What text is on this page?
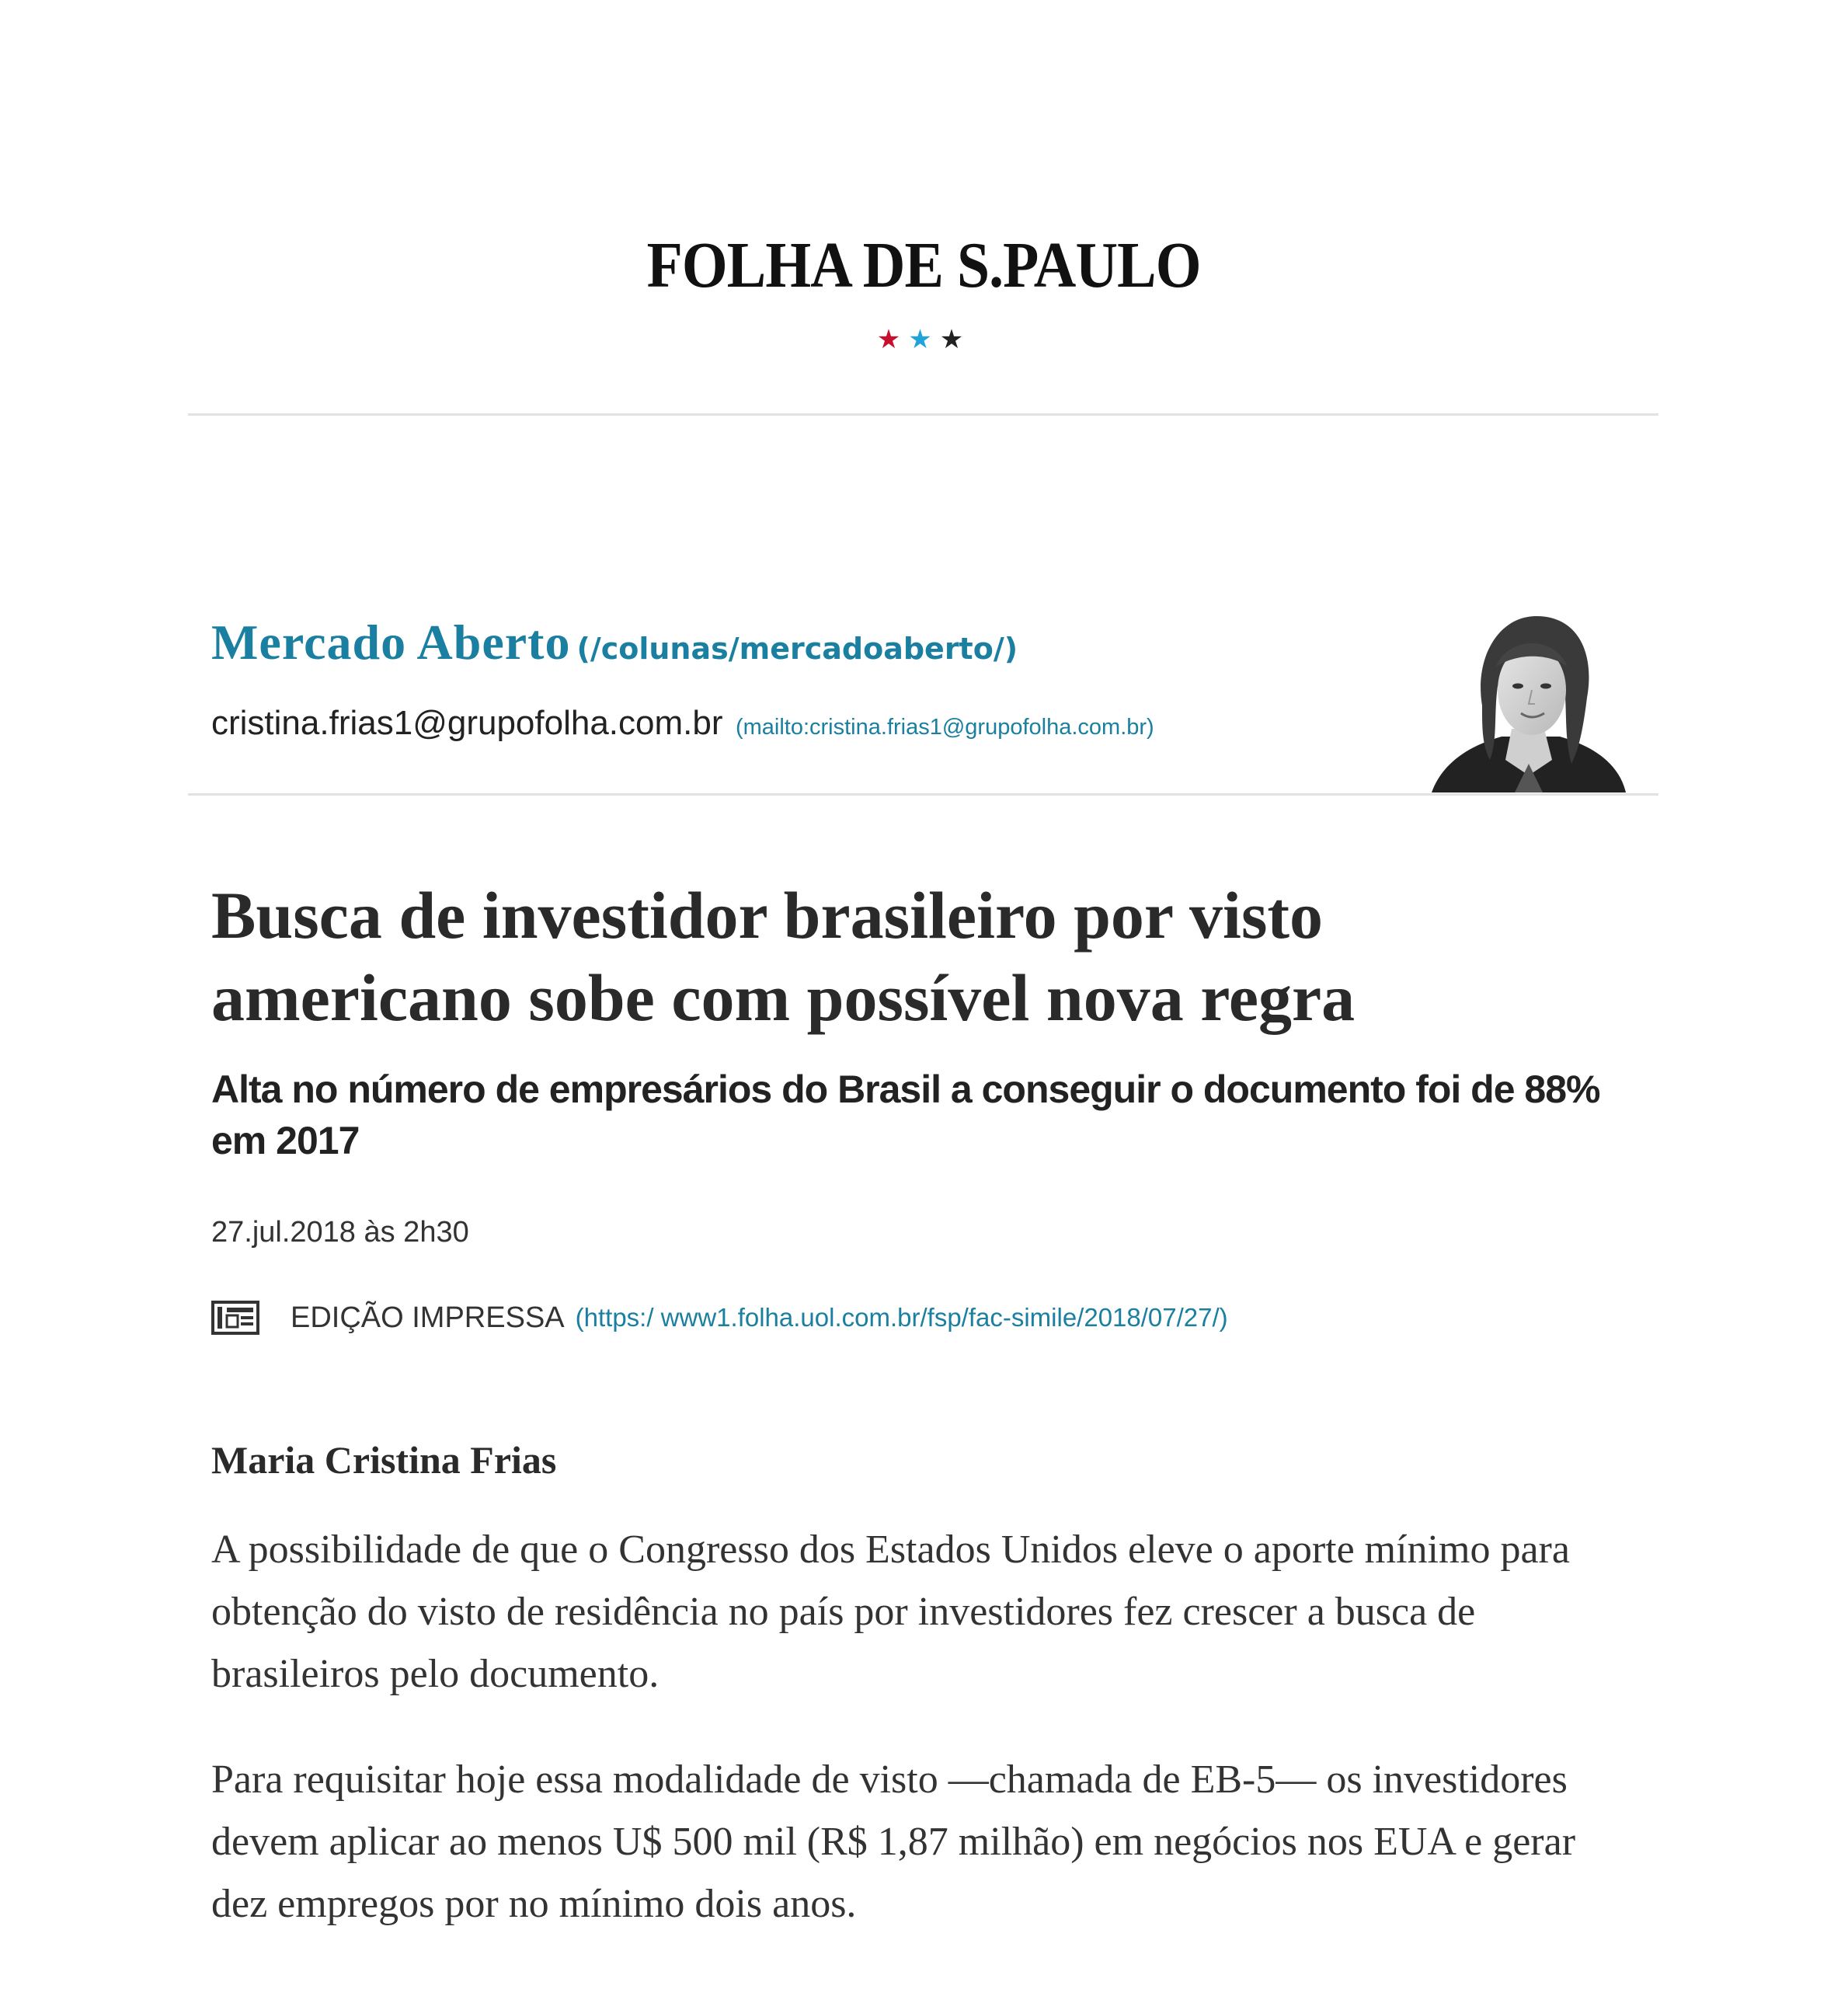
FOLHA DE S.PAULO
★★★
Mercado Aberto (/colunas/mercadoaberto/)
cristina.frias1@grupofolha.com.br (mailto:cristina.frias1@grupofolha.com.br)
Busca de investidor brasileiro por visto americano sobe com possível nova regra
Alta no número de empresários do Brasil a conseguir o documento foi de 88% em 2017
27.jul.2018 às 2h30
EDIÇÃO IMPRESSA (https:/ www1.folha.uol.com.br/fsp/fac-simile/2018/07/27/)
Maria Cristina Frias

A possibilidade de que o Congresso dos Estados Unidos eleve o aporte mínimo para obtenção do visto de residência no país por investidores fez crescer a busca de brasileiros pelo documento.

Para requisitar hoje essa modalidade de visto —chamada de EB-5— os investidores devem aplicar ao menos U$ 500 mil (R$ 1,87 milhão) em negócios nos EUA e gerar dez empregos por no mínimo dois anos.
